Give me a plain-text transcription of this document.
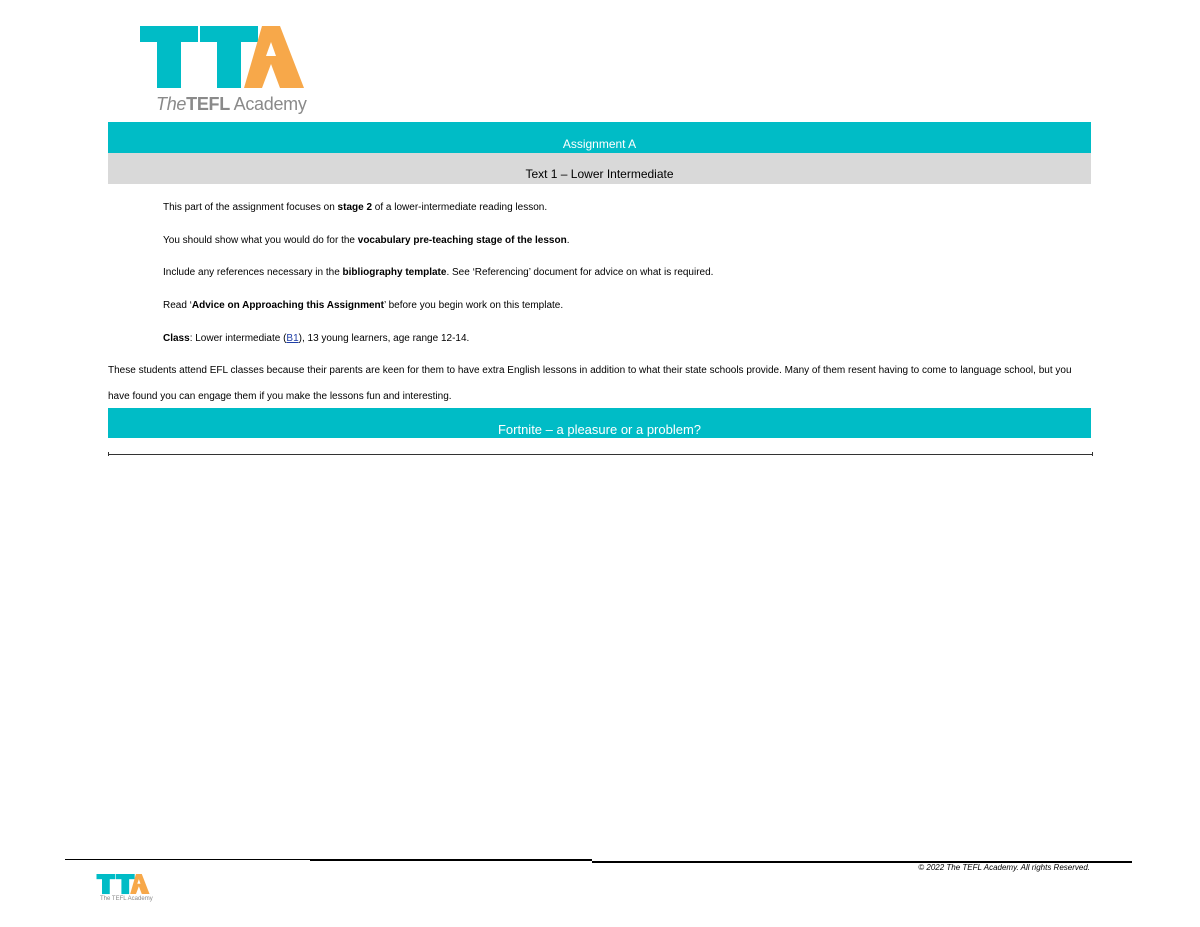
TheTEFL Academy
Assignment A
Text 1 – Lower Intermediate
This part of the assignment focuses on stage 2 of a lower-intermediate reading lesson.
You should show what you would do for the vocabulary pre-teaching stage of the lesson.
Include any references necessary in the bibliography template. See ‘Referencing’ document for advice on what is required.
Read ‘Advice on Approaching this Assignment’ before you begin work on this template.
Class: Lower intermediate (B1), 13 young learners, age range 12-14.
These students attend EFL classes because their parents are keen for them to have extra English lessons in addition to what their state schools provide. Many of them resent having to come to language school, but you have found you can engage them if you make the lessons fun and interesting.
Fortnite – a pleasure or a problem?
© 2022 The TEFL Academy. All rights Reserved.
The TEFL Academy
